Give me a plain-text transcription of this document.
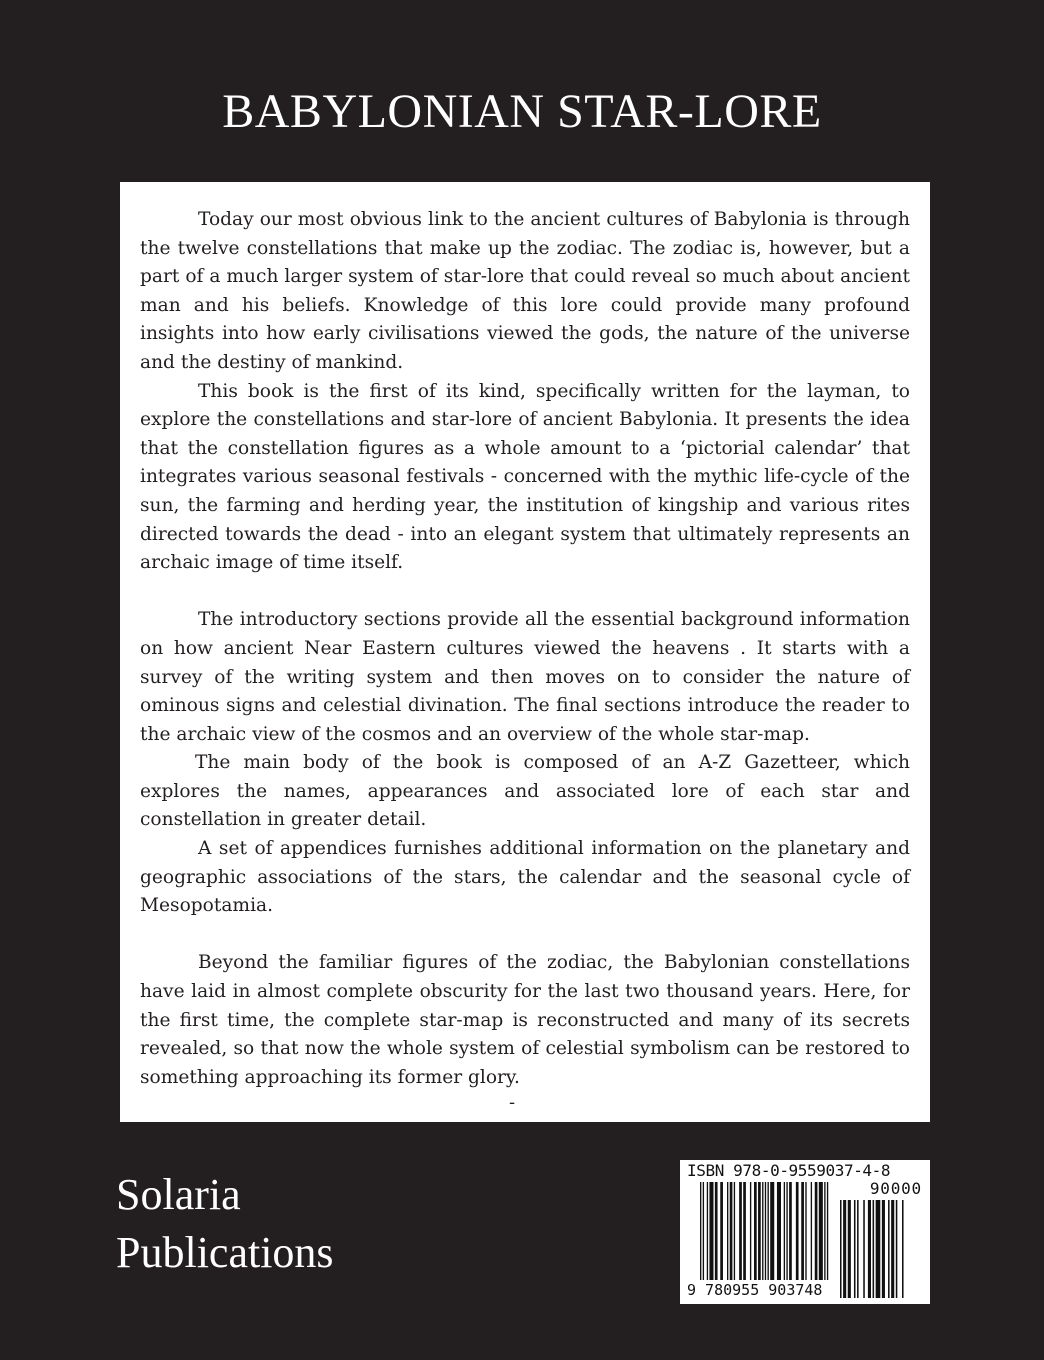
BABYLONIAN STAR-LORE

Today our most obvious link to the ancient cultures of Babylonia is through the twelve constellations that make up the zodiac. The zodiac is, however, but a part of a much larger system of star-lore that could reveal so much about ancient man and his beliefs. Knowledge of this lore could provide many profound insights into how early civilisations viewed the gods, the nature of the universe and the destiny of mankind.

This book is the first of its kind, specifically written for the layman, to explore the constellations and star-lore of ancient Babylonia. It presents the idea that the constellation figures as a whole amount to a ‘pictorial calendar’ that integrates various seasonal festivals - concerned with the mythic life-cycle of the sun, the farming and herding year, the institution of kingship and various rites directed towards the dead - into an elegant system that ultimately represents an archaic image of time itself.

The introductory sections provide all the essential background information on how ancient Near Eastern cultures viewed the heavens . It starts with a survey of the writing system and then moves on to consider the nature of ominous signs and celestial divination. The final sections introduce the reader to the archaic view of the cosmos and an overview of the whole star-map.

The main body of the book is composed of an A-Z Gazetteer, which explores the names, appearances and associated lore of each star and constellation in greater detail.

A set of appendices furnishes additional information on the planetary and geographic associations of the stars, the calendar and the seasonal cycle of Mesopotamia.

Beyond the familiar figures of the zodiac, the Babylonian constellations have laid in almost complete obscurity for the last two thousand years. Here, for the first time, the complete star-map is reconstructed and many of its secrets revealed, so that now the whole system of celestial symbolism can be restored to something approaching its former glory.

-
Solaria
Publications
ISBN 978-0-9559037-4-8
90000
9 780955 903748
